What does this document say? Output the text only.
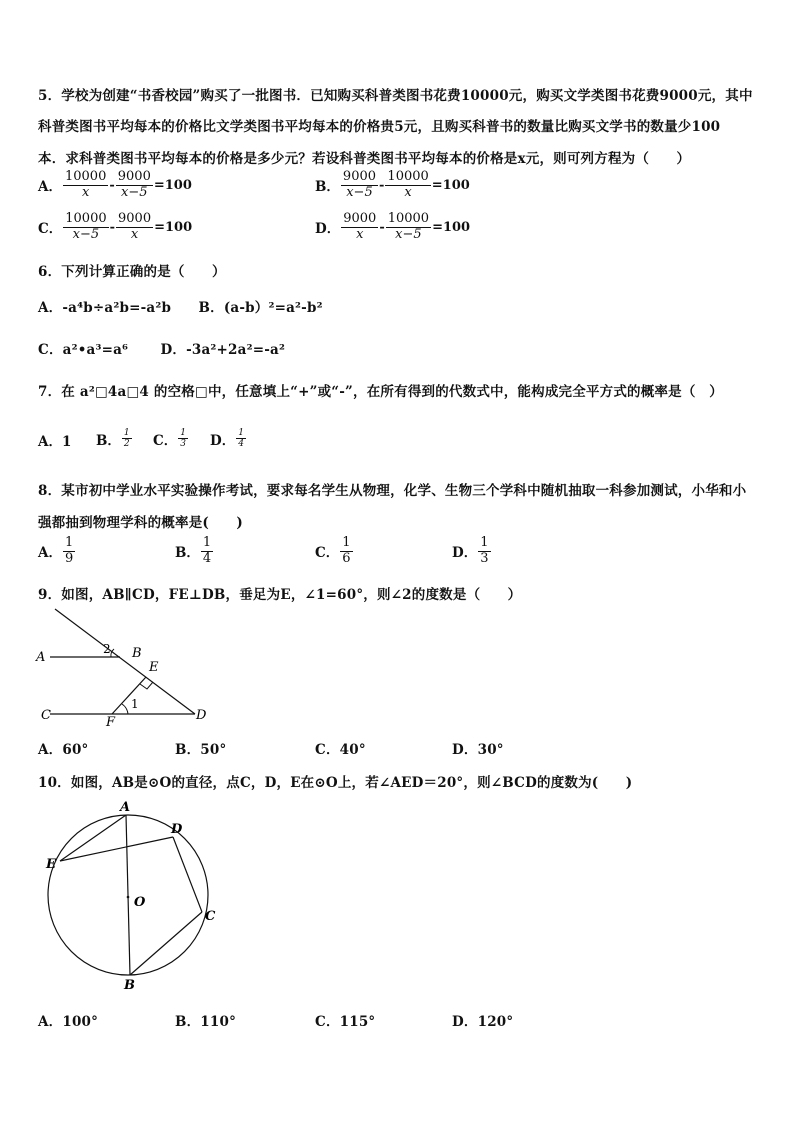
5．学校为创建“书香校园”购买了一批图书．已知购买科普类图书花费10000元，购买文学类图书花费9000元，其中
科普类图书平均每本的价格比文学类图书平均每本的价格贵5元，且购买科普书的数量比购买文学书的数量少100
本．求科普类图书平均每本的价格是多少元？若设科普类图书平均每本的价格是x元，则可列方程为（　　）
A． $\frac{10000}{x} - \frac{9000}{x-5} =100$	B． $\frac{9000}{x-5} - \frac{10000}{x} =100$
C． $\frac{10000}{x-5} - \frac{9000}{x} =100$	D． $\frac{9000}{x} - \frac{10000}{x-5} =100$
6．下列计算正确的是（　　）
A．-a⁴b÷a²b=-a²b　　B．(a-b）²=a²-b²
C．a²•a³=a⁶　　 D．-3a²+2a²=-a²
7．在 a²□4a□4 的空格□中，任意填上“+”或“-”，在所有得到的代数式中，能构成完全平方式的概率是（　）
A．1 B． $\frac{1}{2}$ C． $\frac{1}{3}$ D． $\frac{1}{4}$
8．某市初中学业水平实验操作考试，要求每名学生从物理，化学、生物三个学科中随机抽取一科参加测试，小华和小
强都抽到物理学科的概率是(　　)
A． $\frac{1}{9}$	B． $\frac{1}{4}$	C． $\frac{1}{6}$	D． $\frac{1}{3}$
9．如图，AB∥CD，FE⊥DB，垂足为E，∠1=60°，则∠2的度数是（　　）
A	B
E
C	F	D
2
1
A．60°	B．50°	C．40°	D．30°
10．如图，AB是⊙O的直径，点C，D，E在⊙O上，若∠AED＝20°，则∠BCD的度数为(　　)
A
D
E
O
C
B
A．100°	B．110°	C．115°	D．120°
